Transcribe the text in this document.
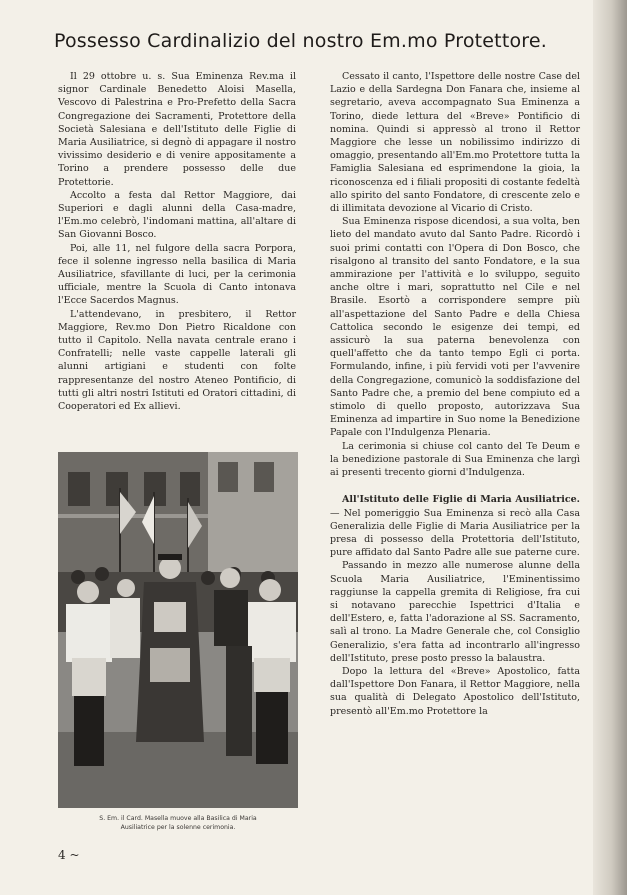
Possesso Cardinalizio del nostro Em.mo Protettore.

Il 29 ottobre u. s. Sua Eminenza Rev.ma il signor Cardinale Benedetto Aloisi Masella, Vescovo di Palestrina e Pro-Prefetto della Sacra Congregazione dei Sacramenti, Protettore della Società Salesiana e dell'Istituto delle Figlie di Maria Ausiliatrice, si degnò di appagare il nostro vivissimo desiderio e di venire appositamente a Torino a prendere possesso delle due Protettorie.

Accolto a festa dal Rettor Maggiore, dai Superiori e dagli alunni della Casa-madre, l'Em.mo celebrò, l'indomani mattina, all'altare di San Giovanni Bosco.

Poi, alle 11, nel fulgore della sacra Porpora, fece il solenne ingresso nella basilica di Maria Ausiliatrice, sfavillante di luci, per la cerimonia ufficiale, mentre la Scuola di Canto intonava l'Ecce Sacerdos Magnus.

L'attendevano, in presbitero, il Rettor Maggiore, Rev.mo Don Pietro Ricaldone con tutto il Capitolo. Nella navata centrale erano i Confratelli; nelle vaste cappelle laterali gli alunni artigiani e studenti con folte rappresentanze del nostro Ateneo Pontificio, di tutti gli altri nostri Istituti ed Oratori cittadini, di Cooperatori ed Ex allievi.

S. Em. il Card. Masella muove alla Basilica di Maria
Ausiliatrice per la solenne cerimonia.

Cessato il canto, l'Ispettore delle nostre Case del Lazio e della Sardegna Don Fanara che, insieme al segretario, aveva accompagnato Sua Eminenza a Torino, diede lettura del «Breve» Pontificio di nomina. Quindi si appressò al trono il Rettor Maggiore che lesse un nobilissimo indirizzo di omaggio, presentando all'Em.mo Protettore tutta la Famiglia Salesiana ed esprimendone la gioia, la riconoscenza ed i filiali propositi di costante fedeltà allo spirito del santo Fondatore, di crescente zelo e di illimitata devozione al Vicario di Cristo.

Sua Eminenza rispose dicendosi, a sua volta, ben lieto del mandato avuto dal Santo Padre. Ricordò i suoi primi contatti con l'Opera di Don Bosco, che risalgono al transito del santo Fondatore, e la sua ammirazione per l'attività e lo sviluppo, seguito anche oltre i mari, soprattutto nel Cile e nel Brasile. Esortò a corrispondere sempre più all'aspettazione del Santo Padre e della Chiesa Cattolica secondo le esigenze dei tempi, ed assicurò la sua paterna benevolenza con quell'affetto che da tanto tempo Egli ci porta. Formulando, infine, i più fervidi voti per l'avvenire della Congregazione, comunicò la soddisfazione del Santo Padre che, a premio del bene compiuto ed a stimolo di quello proposto, autorizzava Sua Eminenza ad impartire in Suo nome la Benedizione Papale con l'Indulgenza Plenaria.

La cerimonia si chiuse col canto del Te Deum e la benedizione pastorale di Sua Eminenza che largì ai presenti trecento giorni d'Indulgenza.

All'Istituto delle Figlie di Maria Ausiliatrice. — Nel pomeriggio Sua Eminenza si recò alla Casa Generalizia delle Figlie di Maria Ausiliatrice per la presa di possesso della Protettoria dell'Istituto, pure affidato dal Santo Padre alle sue paterne cure.

Passando in mezzo alle numerose alunne della Scuola Maria Ausiliatrice, l'Eminentissimo raggiunse la cappella gremita di Religiose, fra cui si notavano parecchie Ispettrici d'Italia e dell'Estero, e, fatta l'adorazione al SS. Sacramento, salì al trono. La Madre Generale che, col Consiglio Generalizio, s'era fatta ad incontrarlo all'ingresso dell'Istituto, prese posto presso la balaustra.

Dopo la lettura del «Breve» Apostolico, fatta dall'Ispettore Don Fanara, il Rettor Maggiore, nella sua qualità di Delegato Apostolico dell'Istituto, presentò all'Em.mo Protettore la

4 ~
